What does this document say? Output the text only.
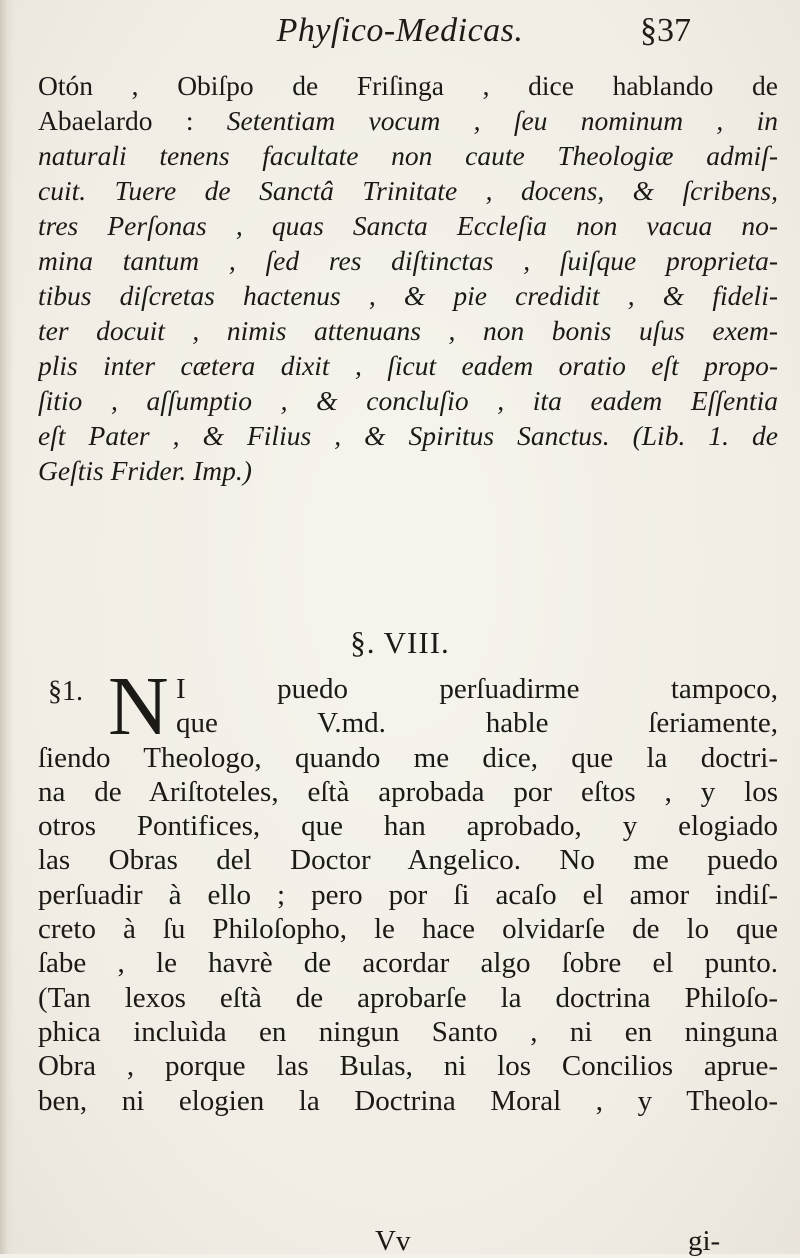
Phyſico-Medicas.	§37
Otón , Obiſpo de Friſinga , dice hablando de
Abaelardo : Setentiam vocum , ſeu nominum , in
naturali tenens facultate non caute Theologiæ admiſ-
cuit. Tuere de Sanctâ Trinitate , docens, & ſcribens,
tres Perſonas , quas Sancta Eccleſia non vacua no-
mina tantum , ſed res diſtinctas , ſuiſque proprieta-
tibus diſcretas hactenus , & pie credidit , & fideli-
ter docuit , nimis attenuans , non bonis uſus exem-
plis inter cætera dixit , ſicut eadem oratio eſt propo-
ſitio , aſſumptio , & concluſio , ita eadem Eſſentia
eſt Pater , & Filius , & Spiritus Sanctus. (Lib. 1. de
Geſtis Frider. Imp.)
§. VIII.
§1. N I puedo perſuadirme tampoco,
que V.md. hable ſeriamente,
ſiendo Theologo, quando me dice, que la doctri-
na de Ariſtoteles, eſtà aprobada por eſtos , y los
otros Pontifices, que han aprobado, y elogiado
las Obras del Doctor Angelico. No me puedo
perſuadir à ello ; pero por ſi acaſo el amor indiſ-
creto à ſu Philoſopho, le hace olvidarſe de lo que
ſabe , le havrè de acordar algo ſobre el punto.
(Tan lexos eſtà de aprobarſe la doctrina Philoſo-
phica incluìda en ningun Santo , ni en ninguna
Obra , porque las Bulas, ni los Concilios aprue-
ben, ni elogien la Doctrina Moral , y Theolo-
Vv	gi-
